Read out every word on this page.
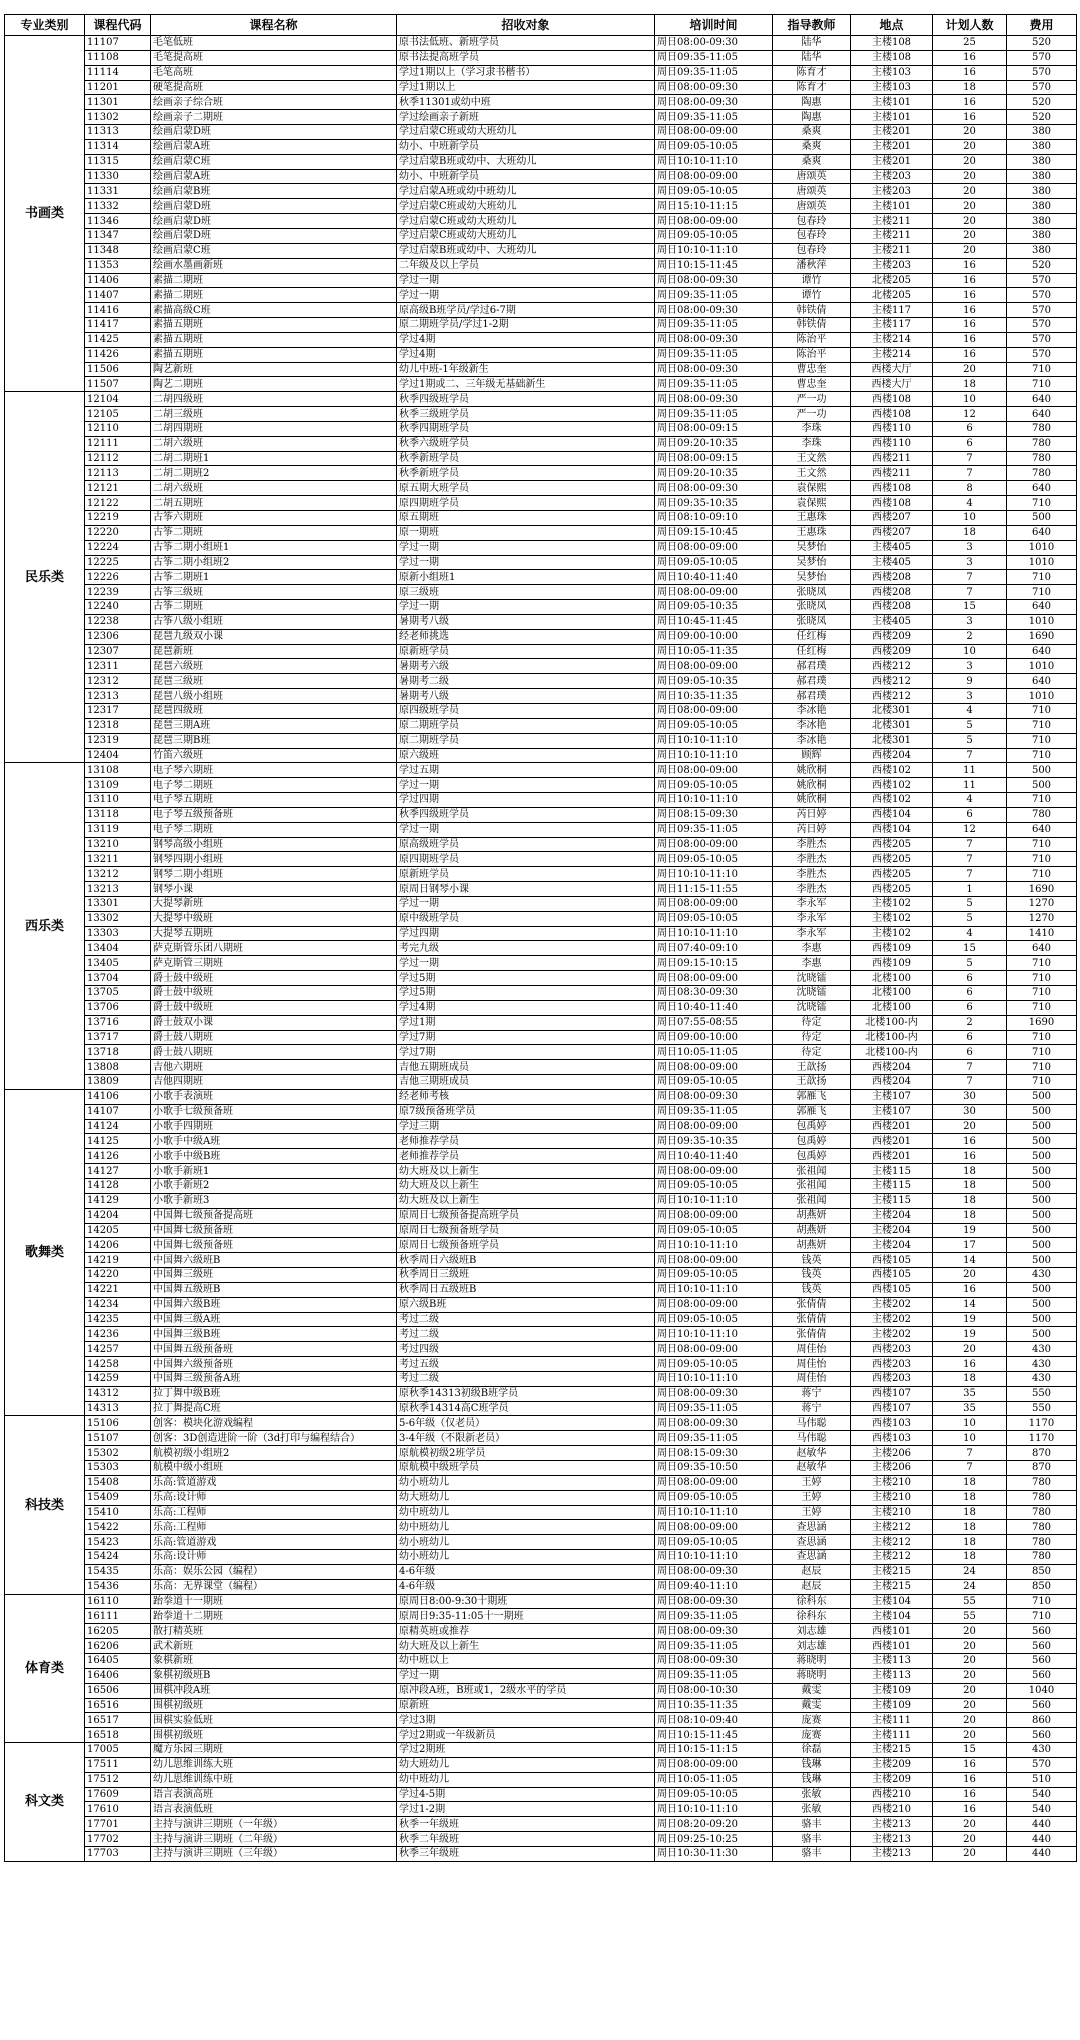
专业类别	课程代码	课程名称	招收对象	培训时间	指导教师	地点	计划人数	费用
书画类	11107	毛笔低班	原书法低班、新班学员	周日08:00-09:30	陆华	主楼108	25	520
	11108	毛笔提高班	原书法提高班学员	周日09:35-11:05	陆华	主楼108	16	570
	11114	毛笔高班	学过1期以上（学习隶书楷书）	周日09:35-11:05	陈育才	主楼103	16	570
	11201	硬笔提高班	学过1期以上	周日08:00-09:30	陈育才	主楼103	18	570
	11301	绘画亲子综合班	秋季11301或幼中班	周日08:00-09:30	陶惠	主楼101	16	520
	11302	绘画亲子二期班	学过绘画亲子新班	周日09:35-11:05	陶惠	主楼101	16	520
	11313	绘画启蒙D班	学过启蒙C班或幼大班幼儿	周日08:00-09:00	桑爽	主楼201	20	380
	11314	绘画启蒙A班	幼小、中班新学员	周日09:05-10:05	桑爽	主楼201	20	380
	11315	绘画启蒙C班	学过启蒙B班或幼中、大班幼儿	周日10:10-11:10	桑爽	主楼201	20	380
	11330	绘画启蒙A班	幼小、中班新学员	周日08:00-09:00	唐颂英	主楼203	20	380
	11331	绘画启蒙B班	学过启蒙A班或幼中班幼儿	周日09:05-10:05	唐颂英	主楼203	20	380
	11332	绘画启蒙D班	学过启蒙C班或幼大班幼儿	周日15:10-11:15	唐颂英	主楼101	20	380
	11346	绘画启蒙D班	学过启蒙C班或幼大班幼儿	周日08:00-09:00	包春玲	主楼211	20	380
	11347	绘画启蒙D班	学过启蒙C班或幼大班幼儿	周日09:05-10:05	包春玲	主楼211	20	380
	11348	绘画启蒙C班	学过启蒙B班或幼中、大班幼儿	周日10:10-11:10	包春玲	主楼211	20	380
	11353	绘画水墨画新班	二年级及以上学员	周日10:15-11:45	潘秋萍	主楼203	16	520
	11406	素描二期班	学过一期	周日08:00-09:30	谭竹	北楼205	16	570
	11407	素描二期班	学过一期	周日09:35-11:05	谭竹	北楼205	16	570
	11416	素描高级C班	原高级B班学员/学过6-7期	周日08:00-09:30	韩铁倩	主楼117	16	570
	11417	素描五期班	原二期班学员/学过1-2期	周日09:35-11:05	韩铁倩	主楼117	16	570
	11425	素描五期班	学过4期	周日08:00-09:30	陈治平	主楼214	16	570
	11426	素描五期班	学过4期	周日09:35-11:05	陈治平	主楼214	16	570
	11506	陶艺新班	幼儿中班-1年级新生	周日08:00-09:30	曹忠奎	西楼大厅	20	710
	11507	陶艺二期班	学过1期或二、三年级无基础新生	周日09:35-11:05	曹忠奎	西楼大厅	18	710
民乐类	12104	二胡四级班	秋季四级班学员	周日08:00-09:30	严一功	西楼108	10	640
	12105	二胡三级班	秋季三级班学员	周日09:35-11:05	严一功	西楼108	12	640
	12110	二胡四期班	秋季四期班学员	周日08:00-09:15	李珠	西楼110	6	780
	12111	二胡六级班	秋季六级班学员	周日09:20-10:35	李珠	西楼110	6	780
	12112	二胡二期班1	秋季新班学员	周日08:00-09:15	王文然	西楼211	7	780
	12113	二胡二期班2	秋季新班学员	周日09:20-10:35	王文然	西楼211	7	780
	12121	二胡六级班	原五期大班学员	周日08:00-09:30	袁保熙	西楼108	8	640
	12122	二胡五期班	原四期班学员	周日09:35-10:35	袁保熙	西楼108	4	710
	12219	古筝六期班	原五期班	周日08:10-09:10	王惠珠	西楼207	10	500
	12220	古筝二期班	原一期班	周日09:15-10:45	王惠珠	西楼207	18	640
	12224	古筝二期小组班1	学过一期	周日08:00-09:00	吴梦怡	主楼405	3	1010
	12225	古筝二期小组班2	学过一期	周日09:05-10:05	吴梦怡	主楼405	3	1010
	12226	古筝二期班1	原新小组班1	周日10:40-11:40	吴梦怡	西楼208	7	710
	12239	古筝三级班	原三级班	周日08:00-09:00	张晓凤	西楼208	7	710
	12240	古筝二期班	学过一期	周日09:05-10:35	张晓凤	西楼208	15	640
	12238	古筝八级小组班	暑期考八级	周日10:45-11:45	张晓凤	主楼405	3	1010
	12306	琵琶九级双小课	经老师挑选	周日09:00-10:00	任红梅	西楼209	2	1690
	12307	琵琶新班	原新班学员	周日10:05-11:35	任红梅	西楼209	10	640
	12311	琵琶六级班	暑期考六级	周日08:00-09:00	郝君璞	西楼212	3	1010
	12312	琵琶三级班	暑期考二级	周日09:05-10:35	郝君璞	西楼212	9	640
	12313	琵琶八级小组班	暑期考八级	周日10:35-11:35	郝君璞	西楼212	3	1010
	12317	琵琶四级班	原四级班学员	周日08:00-09:00	李冰艳	北楼301	4	710
	12318	琵琶三期A班	原二期班学员	周日09:05-10:05	李冰艳	北楼301	5	710
	12319	琵琶三期B班	原二期班学员	周日10:10-11:10	李冰艳	北楼301	5	710
	12404	竹笛六级班	原六级班	周日10:10-11:10	顾辉	西楼204	7	710
西乐类	13108	电子琴六期班	学过五期	周日08:00-09:00	姚欣桐	西楼102	11	500
	13109	电子琴二期班	学过一期	周日09:05-10:05	姚欣桐	西楼102	11	500
	13110	电子琴五期班	学过四期	周日10:10-11:10	姚欣桐	西楼102	4	710
	13118	电子琴五级预备班	秋季四级班学员	周日08:15-09:30	芮日婷	西楼104	6	780
	13119	电子琴二期班	学过一期	周日09:35-11:05	芮日婷	西楼104	12	640
	13210	钢琴高级小组班	原高级班学员	周日08:00-09:00	李胜杰	西楼205	7	710
	13211	钢琴四期小组班	原四期班学员	周日09:05-10:05	李胜杰	西楼205	7	710
	13212	钢琴二期小组班	原新班学员	周日10:10-11:10	李胜杰	西楼205	7	710
	13213	钢琴小课	原周日钢琴小课	周日11:15-11:55	李胜杰	西楼205	1	1690
	13301	大提琴新班	学过一期	周日08:00-09:00	李永军	主楼102	5	1270
	13302	大提琴中级班	原中级班学员	周日09:05-10:05	李永军	主楼102	5	1270
	13303	大提琴五期班	学过四期	周日10:10-11:10	李永军	主楼102	4	1410
	13404	萨克斯管乐团八期班	考完九级	周日07:40-09:10	李惠	西楼109	15	640
	13405	萨克斯管三期班	学过一期	周日09:15-10:15	李惠	西楼109	5	710
	13704	爵士鼓中级班	学过5期	周日08:00-09:00	沈晓镭	北楼100	6	710
	13705	爵士鼓中级班	学过5期	周日08:30-09:30	沈晓镭	北楼100	6	710
	13706	爵士鼓中级班	学过4期	周日10:40-11:40	沈晓镭	北楼100	6	710
	13716	爵士鼓双小课	学过1期	周日07:55-08:55	待定	北楼100-内	2	1690
	13717	爵士鼓八期班	学过7期	周日09:00-10:00	待定	北楼100-内	6	710
	13718	爵士鼓八期班	学过7期	周日10:05-11:05	待定	北楼100-内	6	710
	13808	吉他六期班	吉他五期班成员	周日08:00-09:00	王歆扬	西楼204	7	710
	13809	吉他四期班	吉他三期班成员	周日09:05-10:05	王歆扬	西楼204	7	710
歌舞类	14106	小歌手表演班	经老师考核	周日08:00-09:30	郭雁飞	主楼107	30	500
	14107	小歌手七级预备班	原7级预备班学员	周日09:35-11:05	郭雁飞	主楼107	30	500
	14124	小歌手四期班	学过三期	周日08:00-09:00	包禹婷	西楼201	20	500
	14125	小歌手中级A班	老师推荐学员	周日09:35-10:35	包禹婷	西楼201	16	500
	14126	小歌手中级B班	老师推荐学员	周日10:40-11:40	包禹婷	西楼201	16	500
	14127	小歌手新班1	幼大班及以上新生	周日08:00-09:00	张祖闻	主楼115	18	500
	14128	小歌手新班2	幼大班及以上新生	周日09:05-10:05	张祖闻	主楼115	18	500
	14129	小歌手新班3	幼大班及以上新生	周日10:10-11:10	张祖闻	主楼115	18	500
	14204	中国舞七级预备提高班	原周日七级预备提高班学员	周日08:00-09:00	胡燕妍	主楼204	18	500
	14205	中国舞七级预备班	原周日七级预备班学员	周日09:05-10:05	胡燕妍	主楼204	19	500
	14206	中国舞七级预备班	原周日七级预备班学员	周日10:10-11:10	胡燕妍	主楼204	17	500
	14219	中国舞六级班B	秋季周日六级班B	周日08:00-09:00	钱英	西楼105	14	500
	14220	中国舞三级班	秋季周日三级班	周日09:05-10:05	钱英	西楼105	20	430
	14221	中国舞五级班B	秋季周日五级班B	周日10:10-11:10	钱英	西楼105	16	500
	14234	中国舞六级B班	原六级B班	周日08:00-09:00	张倩倩	主楼202	14	500
	14235	中国舞三级A班	考过二级	周日09:05-10:05	张倩倩	主楼202	19	500
	14236	中国舞三级B班	考过二级	周日10:10-11:10	张倩倩	主楼202	19	500
	14257	中国舞五级预备班	考过四级	周日08:00-09:00	周佳怡	西楼203	20	430
	14258	中国舞六级预备班	考过五级	周日09:05-10:05	周佳怡	西楼203	16	430
	14259	中国舞三级预备A班	考过二级	周日10:10-11:10	周佳怡	西楼203	18	430
	14312	拉丁舞中级B班	原秋季14313初级B班学员	周日08:00-09:30	蒋宁	西楼107	35	550
	14313	拉丁舞提高C班	原秋季14314高C班学员	周日09:35-11:05	蒋宁	西楼107	35	550
科技类	15106	创客：模块化游戏编程	5-6年级（仅老员）	周日08:00-09:30	马伟聪	西楼103	10	1170
	15107	创客：3D创造进阶一阶（3d打印与编程结合）	3-4年级（不限新老员）	周日09:35-11:05	马伟聪	西楼103	10	1170
	15302	航模初级小组班2	原航模初级2班学员	周日08:15-09:30	赵敏华	主楼206	7	870
	15303	航模中级小组班	原航模中级班学员	周日09:35-10:50	赵敏华	主楼206	7	870
	15408	乐高:管道游戏	幼小班幼儿	周日08:00-09:00	王婷	主楼210	18	780
	15409	乐高:设计师	幼大班幼儿	周日09:05-10:05	王婷	主楼210	18	780
	15410	乐高:工程师	幼中班幼儿	周日10:10-11:10	王婷	主楼210	18	780
	15422	乐高:工程师	幼中班幼儿	周日08:00-09:00	查思涵	主楼212	18	780
	15423	乐高:管道游戏	幼小班幼儿	周日09:05-10:05	查思涵	主楼212	18	780
	15424	乐高:设计师	幼小班幼儿	周日10:10-11:10	查思涵	主楼212	18	780
	15435	乐高：娱乐公园（编程）	4-6年级	周日08:00-09:30	赵辰	主楼215	24	850
	15436	乐高：无界课堂（编程）	4-6年级	周日09:40-11:10	赵辰	主楼215	24	850
体育类	16110	跆拳道十一期班	原周日8:00-9:30十期班	周日08:00-09:30	徐科东	主楼104	55	710
	16111	跆拳道十二期班	原周日9:35-11:05十一期班	周日09:35-11:05	徐科东	主楼104	55	710
	16205	散打精英班	原精英班或推荐	周日08:00-09:30	刘志雄	西楼101	20	560
	16206	武术新班	幼大班及以上新生	周日09:35-11:05	刘志雄	西楼101	20	560
	16405	象棋新班	幼中班以上	周日08:00-09:30	蒋晓明	主楼113	20	560
	16406	象棋初级班B	学过一期	周日09:35-11:05	蒋晓明	主楼113	20	560
	16506	围棋冲段A班	原冲段A班，B班或1，2级水平的学员	周日08:00-10:30	戴雯	主楼109	20	1040
	16516	围棋初级班	原新班	周日10:35-11:35	戴雯	主楼109	20	560
	16517	围棋实验低班	学过3期	周日08:10-09:40	庞赛	主楼111	20	860
	16518	围棋初级班	学过2期或一年级新员	周日10:15-11:45	庞赛	主楼111	20	560
科文类	17005	魔方乐园三期班	学过2期班	周日10:15-11:15	徐磊	主楼215	15	430
	17511	幼儿思维训练大班	幼大班幼儿	周日08:00-09:00	钱琳	主楼209	16	570
	17512	幼儿思维训练中班	幼中班幼儿	周日10:05-11:05	钱琳	主楼209	16	510
	17609	语言表演高班	学过4-5期	周日09:05-10:05	张敏	西楼210	16	540
	17610	语言表演低班	学过1-2期	周日10:10-11:10	张敏	西楼210	16	540
	17701	主持与演讲三期班（一年级）	秋季一年级班	周日08:20-09:20	骆丰	主楼213	20	440
	17702	主持与演讲三期班（二年级）	秋季二年级班	周日09:25-10:25	骆丰	主楼213	20	440
	17703	主持与演讲三期班（三年级）	秋季三年级班	周日10:30-11:30	骆丰	主楼213	20	440
